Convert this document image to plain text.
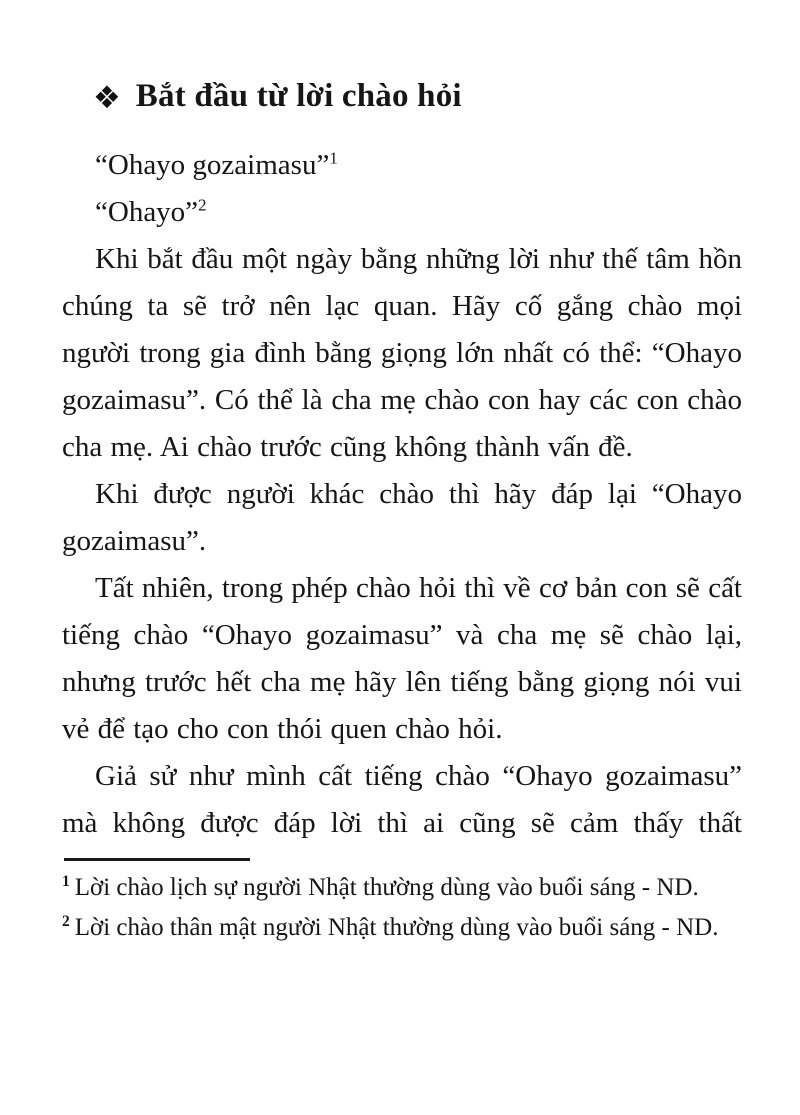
❖ Bắt đầu từ lời chào hỏi
“Ohayo gozaimasu”$^1$
“Ohayo”$^2$

Khi bắt đầu một ngày bằng những lời như thế tâm hồn chúng ta sẽ trở nên lạc quan. Hãy cố gắng chào mọi người trong gia đình bằng giọng lớn nhất có thể: “Ohayo gozaimasu”. Có thể là cha mẹ chào con hay các con chào cha mẹ. Ai chào trước cũng không thành vấn đề.

Khi được người khác chào thì hãy đáp lại “Ohayo gozaimasu”.

Tất nhiên, trong phép chào hỏi thì về cơ bản con sẽ cất tiếng chào “Ohayo gozaimasu” và cha mẹ sẽ chào lại, nhưng trước hết cha mẹ hãy lên tiếng bằng giọng nói vui vẻ để tạo cho con thói quen chào hỏi.

Giả sử như mình cất tiếng chào “Ohayo gozaimasu” mà không được đáp lời thì ai cũng sẽ cảm thấy thất

$^1$ Lời chào lịch sự người Nhật thường dùng vào buổi sáng - ND.

$^2$ Lời chào thân mật người Nhật thường dùng vào buổi sáng - ND.
